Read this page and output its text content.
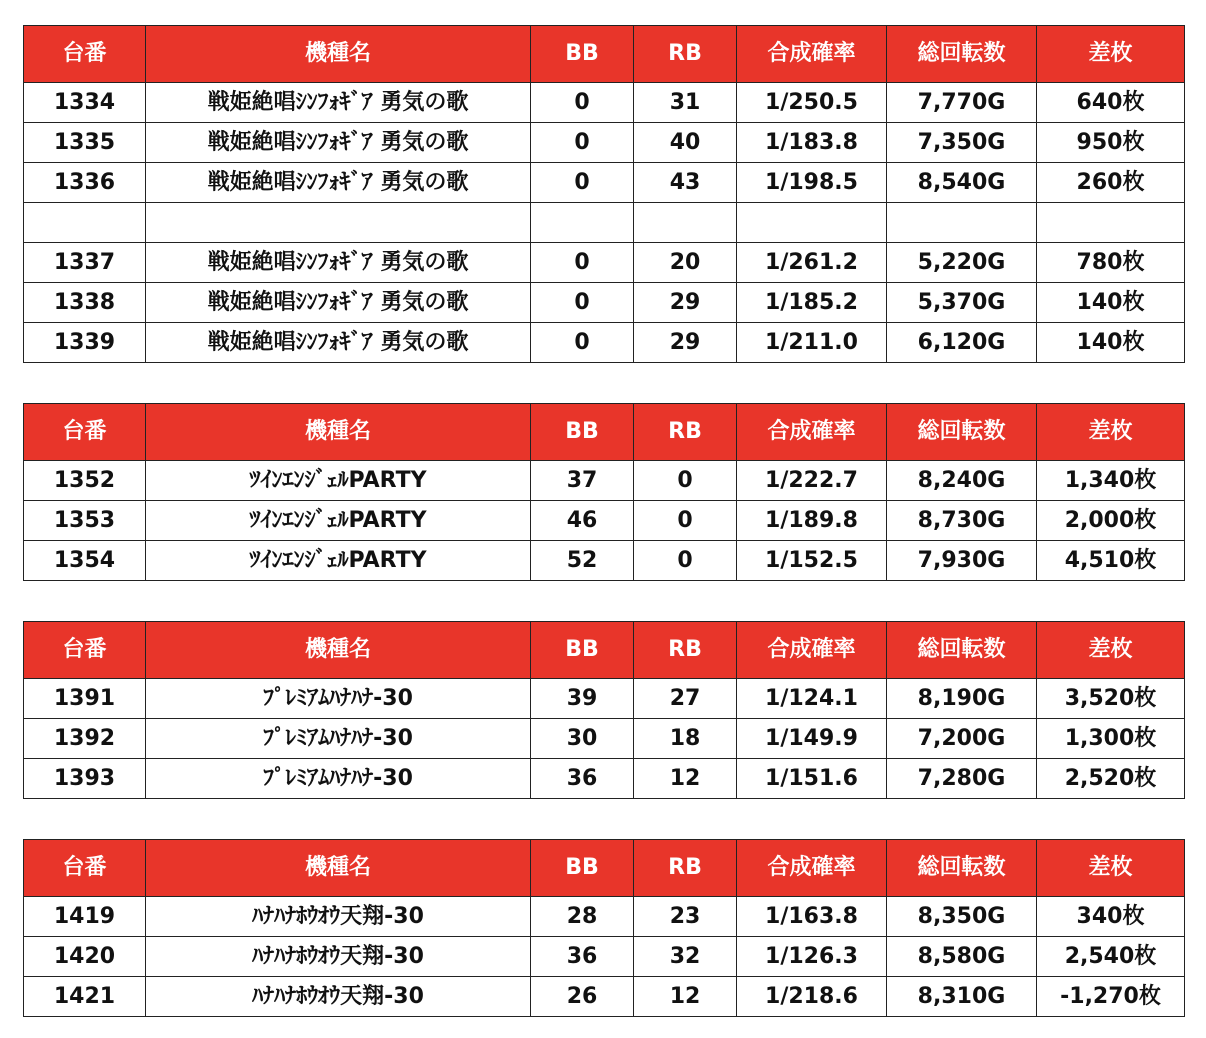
台番	機種名	BB	RB	合成確率	総回転数	差枚
1334	戦姫絶唱ｼﾝﾌｫｷﾞｱ 勇気の歌	0	31	1/250.5	7,770G	640枚
1335	戦姫絶唱ｼﾝﾌｫｷﾞｱ 勇気の歌	0	40	1/183.8	7,350G	950枚
1336	戦姫絶唱ｼﾝﾌｫｷﾞｱ 勇気の歌	0	43	1/198.5	8,540G	260枚

1337	戦姫絶唱ｼﾝﾌｫｷﾞｱ 勇気の歌	0	20	1/261.2	5,220G	780枚
1338	戦姫絶唱ｼﾝﾌｫｷﾞｱ 勇気の歌	0	29	1/185.2	5,370G	140枚
1339	戦姫絶唱ｼﾝﾌｫｷﾞｱ 勇気の歌	0	29	1/211.0	6,120G	140枚
台番	機種名	BB	RB	合成確率	総回転数	差枚
1352	ﾂｲﾝｴﾝｼﾞｪﾙPARTY	37	0	1/222.7	8,240G	1,340枚
1353	ﾂｲﾝｴﾝｼﾞｪﾙPARTY	46	0	1/189.8	8,730G	2,000枚
1354	ﾂｲﾝｴﾝｼﾞｪﾙPARTY	52	0	1/152.5	7,930G	4,510枚
台番	機種名	BB	RB	合成確率	総回転数	差枚
1391	ﾌﾟﾚﾐｱﾑﾊﾅﾊﾅ-30	39	27	1/124.1	8,190G	3,520枚
1392	ﾌﾟﾚﾐｱﾑﾊﾅﾊﾅ-30	30	18	1/149.9	7,200G	1,300枚
1393	ﾌﾟﾚﾐｱﾑﾊﾅﾊﾅ-30	36	12	1/151.6	7,280G	2,520枚
台番	機種名	BB	RB	合成確率	総回転数	差枚
1419	ﾊﾅﾊﾅﾎｳｵｳ天翔-30	28	23	1/163.8	8,350G	340枚
1420	ﾊﾅﾊﾅﾎｳｵｳ天翔-30	36	32	1/126.3	8,580G	2,540枚
1421	ﾊﾅﾊﾅﾎｳｵｳ天翔-30	26	12	1/218.6	8,310G	-1,270枚
